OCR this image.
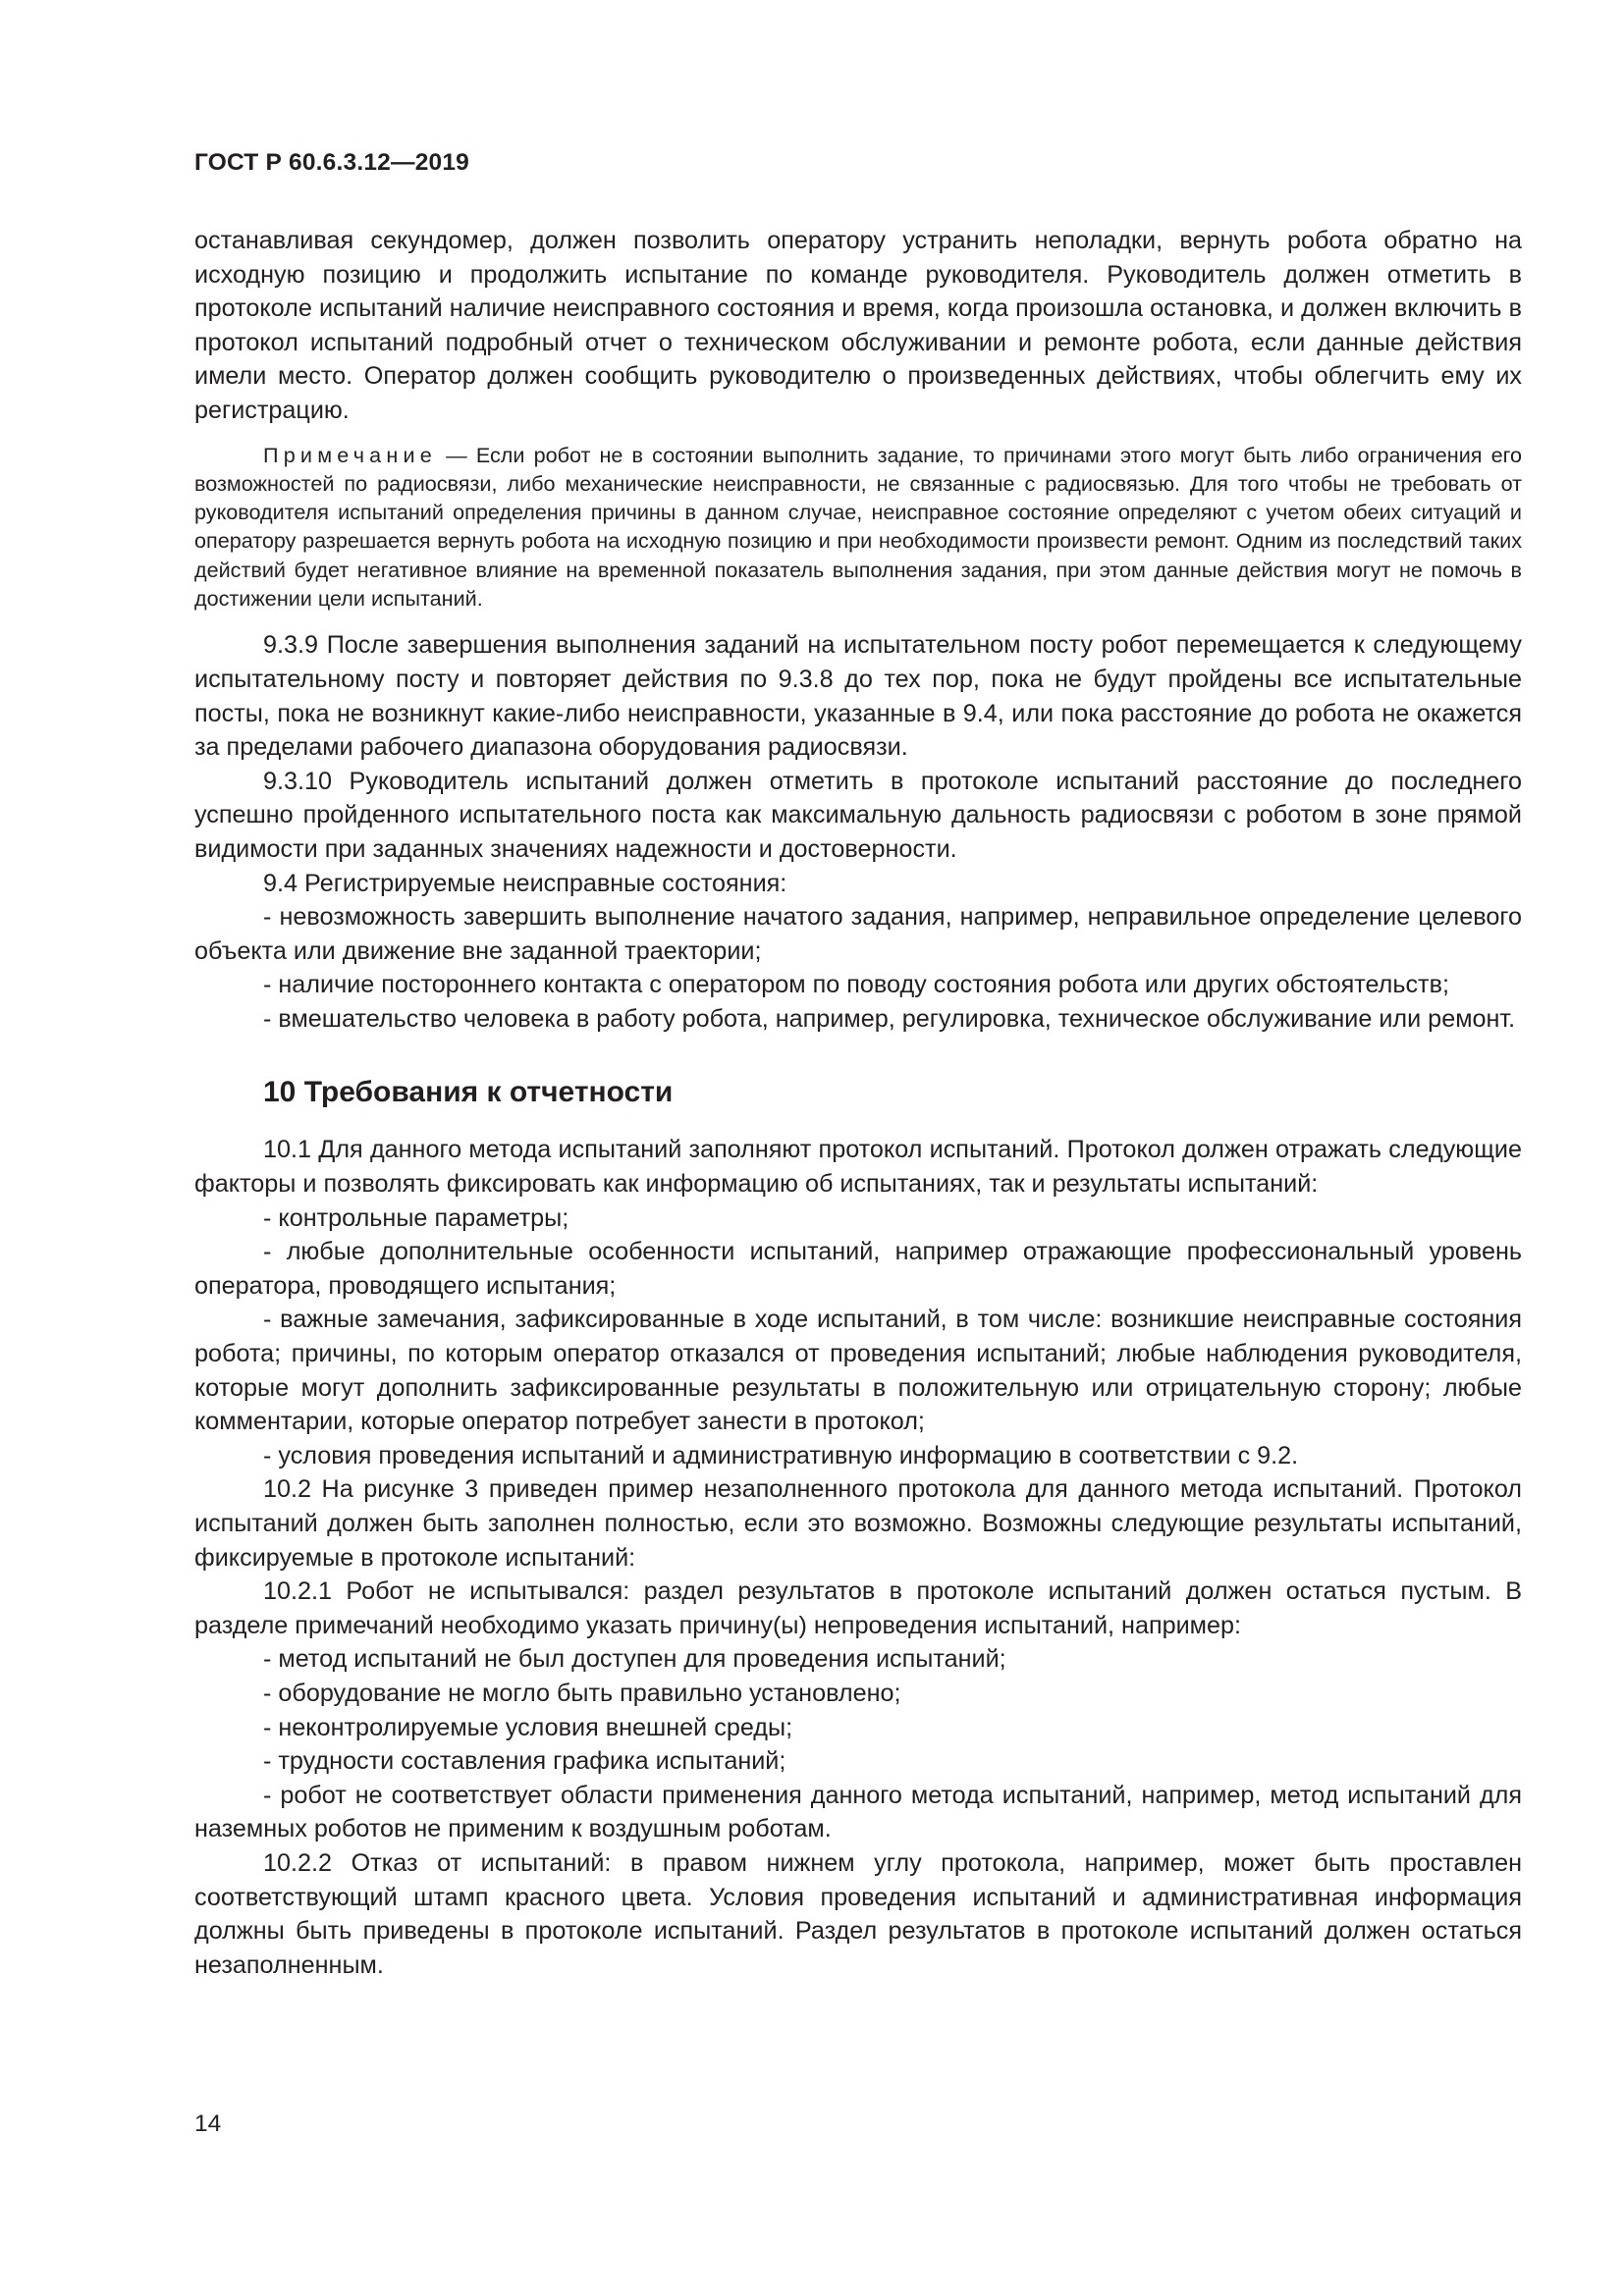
ГОСТ Р 60.6.3.12—2019

останавливая секундомер, должен позволить оператору устранить неполадки, вернуть робота обратно на исходную позицию и продолжить испытание по команде руководителя. Руководитель должен отметить в протоколе испытаний наличие неисправного состояния и время, когда произошла остановка, и должен включить в протокол испытаний подробный отчет о техническом обслуживании и ремонте робота, если данные действия имели место. Оператор должен сообщить руководителю о произведенных действиях, чтобы облегчить ему их регистрацию.

Примечание — Если робот не в состоянии выполнить задание, то причинами этого могут быть либо ограничения его возможностей по радиосвязи, либо механические неисправности, не связанные с радиосвязью. Для того чтобы не требовать от руководителя испытаний определения причины в данном случае, неисправное состояние определяют с учетом обеих ситуаций и оператору разрешается вернуть робота на исходную позицию и при необходимости произвести ремонт. Одним из последствий таких действий будет негативное влияние на временной показатель выполнения задания, при этом данные действия могут не помочь в достижении цели испытаний.

9.3.9 После завершения выполнения заданий на испытательном посту робот перемещается к следующему испытательному посту и повторяет действия по 9.3.8 до тех пор, пока не будут пройдены все испытательные посты, пока не возникнут какие-либо неисправности, указанные в 9.4, или пока расстояние до робота не окажется за пределами рабочего диапазона оборудования радиосвязи.

9.3.10 Руководитель испытаний должен отметить в протоколе испытаний расстояние до последнего успешно пройденного испытательного поста как максимальную дальность радиосвязи с роботом в зоне прямой видимости при заданных значениях надежности и достоверности.

9.4 Регистрируемые неисправные состояния:

- невозможность завершить выполнение начатого задания, например, неправильное определение целевого объекта или движение вне заданной траектории;

- наличие постороннего контакта с оператором по поводу состояния робота или других обстоятельств;

- вмешательство человека в работу робота, например, регулировка, техническое обслуживание или ремонт.

10 Требования к отчетности

10.1 Для данного метода испытаний заполняют протокол испытаний. Протокол должен отражать следующие факторы и позволять фиксировать как информацию об испытаниях, так и результаты испытаний:

- контрольные параметры;

- любые дополнительные особенности испытаний, например отражающие профессиональный уровень оператора, проводящего испытания;

- важные замечания, зафиксированные в ходе испытаний, в том числе: возникшие неисправные состояния робота; причины, по которым оператор отказался от проведения испытаний; любые наблюдения руководителя, которые могут дополнить зафиксированные результаты в положительную или отрицательную сторону; любые комментарии, которые оператор потребует занести в протокол;

- условия проведения испытаний и административную информацию в соответствии с 9.2.

10.2 На рисунке 3 приведен пример незаполненного протокола для данного метода испытаний. Протокол испытаний должен быть заполнен полностью, если это возможно. Возможны следующие результаты испытаний, фиксируемые в протоколе испытаний:

10.2.1 Робот не испытывался: раздел результатов в протоколе испытаний должен остаться пустым. В разделе примечаний необходимо указать причину(ы) непроведения испытаний, например:

- метод испытаний не был доступен для проведения испытаний;

- оборудование не могло быть правильно установлено;

- неконтролируемые условия внешней среды;

- трудности составления графика испытаний;

- робот не соответствует области применения данного метода испытаний, например, метод испытаний для наземных роботов не применим к воздушным роботам.

10.2.2 Отказ от испытаний: в правом нижнем углу протокола, например, может быть проставлен соответствующий штамп красного цвета. Условия проведения испытаний и административная информация должны быть приведены в протоколе испытаний. Раздел результатов в протоколе испытаний должен остаться незаполненным.

14
